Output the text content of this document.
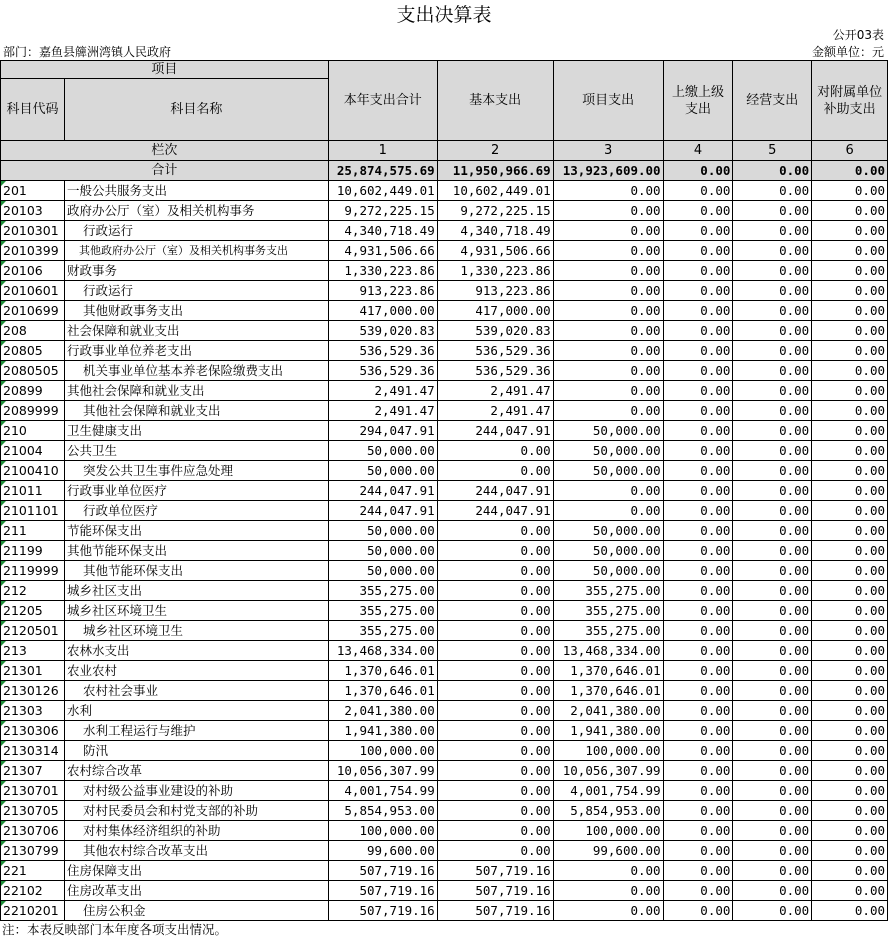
支出决算表
公开03表
部门：嘉鱼县簰洲湾镇人民政府	金额单位：元
项目		本年支出合计	基本支出	项目支出	上缴上级支出	经营支出	对附属单位补助支出
科目代码	科目名称						
栏次		1	2	3	4	5	6
合计		25,874,575.69	11,950,966.69	13,923,609.00	0.00	0.00	0.00
201	一般公共服务支出	10,602,449.01	10,602,449.01	0.00	0.00	0.00	0.00
20103	政府办公厅（室）及相关机构事务	9,272,225.15	9,272,225.15	0.00	0.00	0.00	0.00
2010301	行政运行	4,340,718.49	4,340,718.49	0.00	0.00	0.00	0.00
2010399	其他政府办公厅（室）及相关机构事务支出	4,931,506.66	4,931,506.66	0.00	0.00	0.00	0.00
20106	财政事务	1,330,223.86	1,330,223.86	0.00	0.00	0.00	0.00
2010601	行政运行	913,223.86	913,223.86	0.00	0.00	0.00	0.00
2010699	其他财政事务支出	417,000.00	417,000.00	0.00	0.00	0.00	0.00
208	社会保障和就业支出	539,020.83	539,020.83	0.00	0.00	0.00	0.00
20805	行政事业单位养老支出	536,529.36	536,529.36	0.00	0.00	0.00	0.00
2080505	机关事业单位基本养老保险缴费支出	536,529.36	536,529.36	0.00	0.00	0.00	0.00
20899	其他社会保障和就业支出	2,491.47	2,491.47	0.00	0.00	0.00	0.00
2089999	其他社会保障和就业支出	2,491.47	2,491.47	0.00	0.00	0.00	0.00
210	卫生健康支出	294,047.91	244,047.91	50,000.00	0.00	0.00	0.00
21004	公共卫生	50,000.00	0.00	50,000.00	0.00	0.00	0.00
2100410	突发公共卫生事件应急处理	50,000.00	0.00	50,000.00	0.00	0.00	0.00
21011	行政事业单位医疗	244,047.91	244,047.91	0.00	0.00	0.00	0.00
2101101	行政单位医疗	244,047.91	244,047.91	0.00	0.00	0.00	0.00
211	节能环保支出	50,000.00	0.00	50,000.00	0.00	0.00	0.00
21199	其他节能环保支出	50,000.00	0.00	50,000.00	0.00	0.00	0.00
2119999	其他节能环保支出	50,000.00	0.00	50,000.00	0.00	0.00	0.00
212	城乡社区支出	355,275.00	0.00	355,275.00	0.00	0.00	0.00
21205	城乡社区环境卫生	355,275.00	0.00	355,275.00	0.00	0.00	0.00
2120501	城乡社区环境卫生	355,275.00	0.00	355,275.00	0.00	0.00	0.00
213	农林水支出	13,468,334.00	0.00	13,468,334.00	0.00	0.00	0.00
21301	农业农村	1,370,646.01	0.00	1,370,646.01	0.00	0.00	0.00
2130126	农村社会事业	1,370,646.01	0.00	1,370,646.01	0.00	0.00	0.00
21303	水利	2,041,380.00	0.00	2,041,380.00	0.00	0.00	0.00
2130306	水利工程运行与维护	1,941,380.00	0.00	1,941,380.00	0.00	0.00	0.00
2130314	防汛	100,000.00	0.00	100,000.00	0.00	0.00	0.00
21307	农村综合改革	10,056,307.99	0.00	10,056,307.99	0.00	0.00	0.00
2130701	对村级公益事业建设的补助	4,001,754.99	0.00	4,001,754.99	0.00	0.00	0.00
2130705	对村民委员会和村党支部的补助	5,854,953.00	0.00	5,854,953.00	0.00	0.00	0.00
2130706	对村集体经济组织的补助	100,000.00	0.00	100,000.00	0.00	0.00	0.00
2130799	其他农村综合改革支出	99,600.00	0.00	99,600.00	0.00	0.00	0.00
221	住房保障支出	507,719.16	507,719.16	0.00	0.00	0.00	0.00
22102	住房改革支出	507,719.16	507,719.16	0.00	0.00	0.00	0.00
2210201	住房公积金	507,719.16	507,719.16	0.00	0.00	0.00	0.00
注：本表反映部门本年度各项支出情况。
